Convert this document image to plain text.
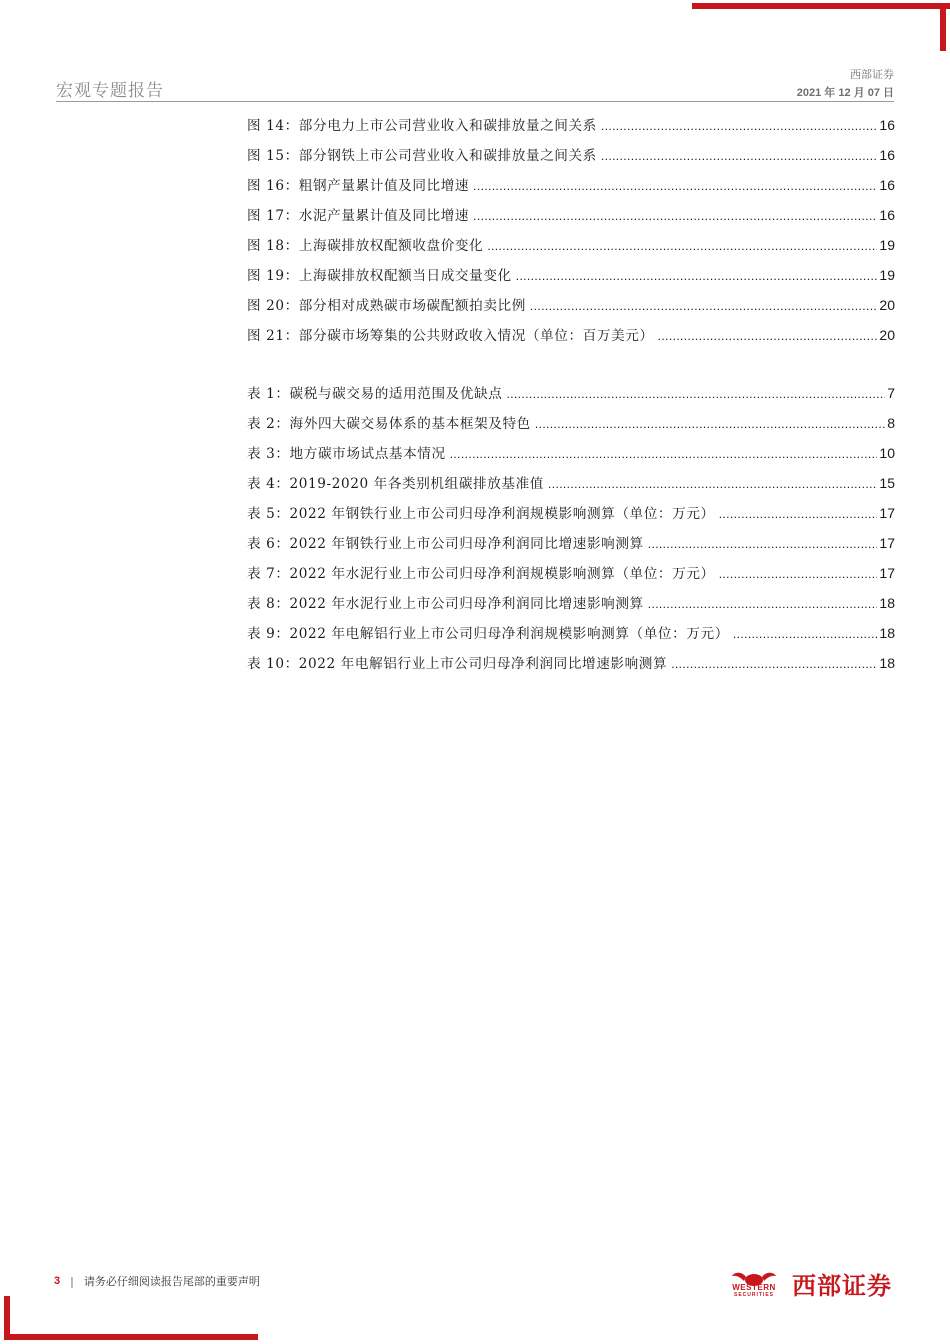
宏观专题报告
西部证券
2021 年 12 月 07 日
图 14：部分电力上市公司营业收入和碳排放量之间关系 .....	16
图 15：部分钢铁上市公司营业收入和碳排放量之间关系 .....	16
图 16：粗钢产量累计值及同比增速 .....	16
图 17：水泥产量累计值及同比增速 .....	16
图 18：上海碳排放权配额收盘价变化 .....	19
图 19：上海碳排放权配额当日成交量变化 .....	19
图 20：部分相对成熟碳市场碳配额拍卖比例 .....	20
图 21：部分碳市场筹集的公共财政收入情况（单位：百万美元） .....	20
表 1：碳税与碳交易的适用范围及优缺点 .....	7
表 2：海外四大碳交易体系的基本框架及特色 .....	8
表 3：地方碳市场试点基本情况 .....	10
表 4：2019-2020 年各类别机组碳排放基准值 .....	15
表 5：2022 年钢铁行业上市公司归母净利润规模影响测算（单位：万元） .....	17
表 6：2022 年钢铁行业上市公司归母净利润同比增速影响测算 .....	17
表 7：2022 年水泥行业上市公司归母净利润规模影响测算（单位：万元） .....	17
表 8：2022 年水泥行业上市公司归母净利润同比增速影响测算 .....	18
表 9：2022 年电解铝行业上市公司归母净利润规模影响测算（单位：万元） .....	18
表 10：2022 年电解铝行业上市公司归母净利润同比增速影响测算 .....	18
3 | 请务必仔细阅读报告尾部的重要声明	WESTERN
SECURITIES 西部证券
